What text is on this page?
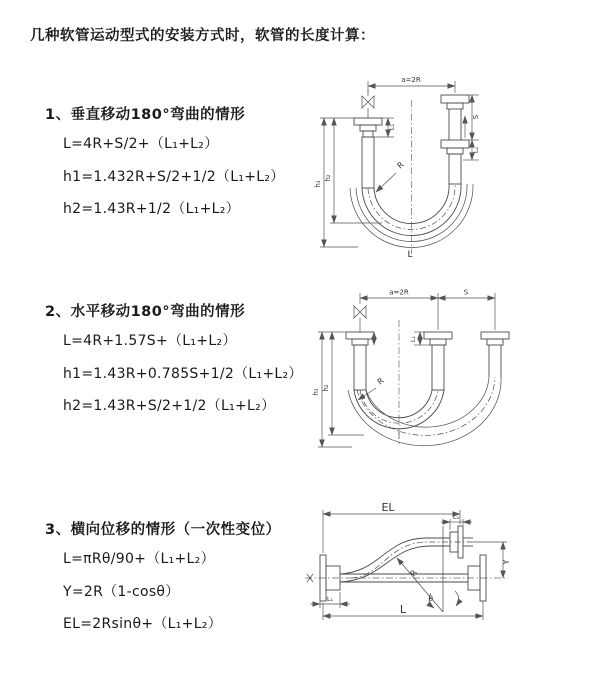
几种软管运动型式的安装方式时，软管的长度计算：
1、垂直移动180°弯曲的情形
L=4R+S/2+（L₁+L₂）
h1=1.432R+S/2+1/2（L₁+L₂）
h2=1.43R+1/2（L₁+L₂）
a=2R
h₁
h₂
L₁
S
L₂
R
L
2、水平移动180°弯曲的情形
L=4R+1.57S+（L₁+L₂）
h1=1.43R+0.785S+1/2（L₁+L₂）
h2=1.43R+S/2+1/2（L₁+L₂）
a=2R	S
h₁
h₂
L₁
R
3、横向位移的情形（一次性变位）
L=πRθ/90+（L₁+L₂）
Y=2R（1-cosθ）
EL=2Rsinθ+（L₁+L₂）
EL
L₂
Y
θ
R
L₁
L
